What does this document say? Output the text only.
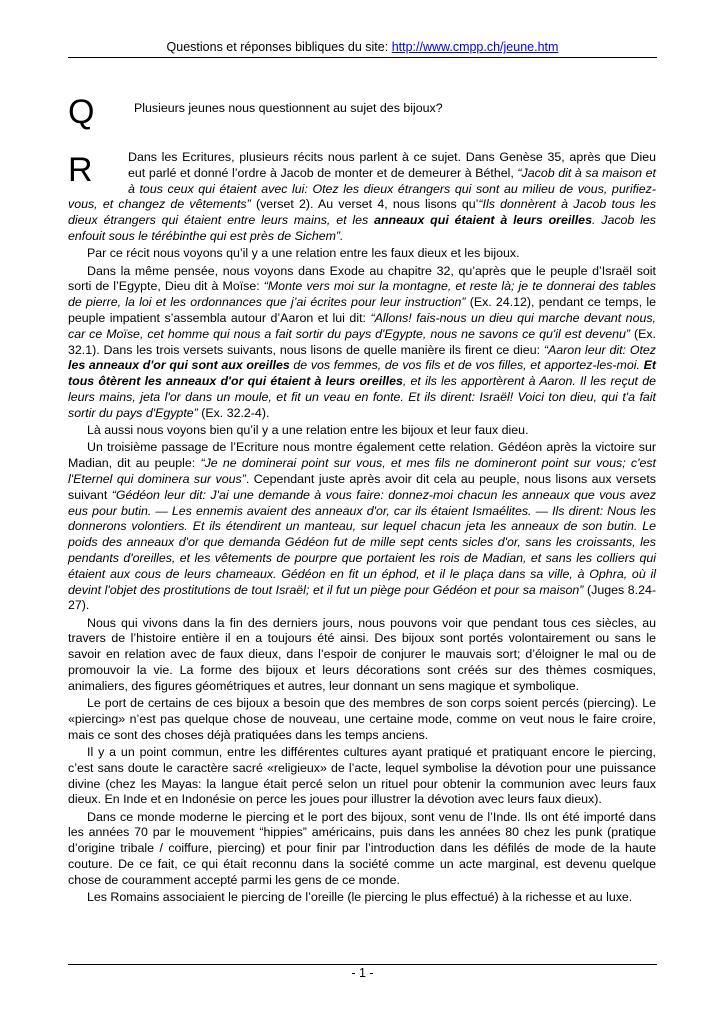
Questions et réponses bibliques du site: http://www.cmpp.ch/jeune.htm
Q	Plusieurs jeunes nous questionnent au sujet des bijoux?
R	Dans les Ecritures, plusieurs récits nous parlent à ce sujet. Dans Genèse 35, après que Dieu eut parlé et donné l’ordre à Jacob de monter et de demeurer à Béthel, “Jacob dit à sa maison et à tous ceux qui étaient avec lui: Otez les dieux étrangers qui sont au milieu de vous, purifiez-vous, et changez de vêtements” (verset 2). Au verset 4, nous lisons qu’“Ils donnèrent à Jacob tous les dieux étrangers qui étaient entre leurs mains, et les anneaux qui étaient à leurs oreilles. Jacob les enfouit sous le térébinthe qui est près de Sichem”.

Par ce récit nous voyons qu’il y a une relation entre les faux dieux et les bijoux.

Dans la même pensée, nous voyons dans Exode au chapitre 32, qu’après que le peuple d’Israël soit sorti de l’Egypte, Dieu dit à Moïse: “Monte vers moi sur la montagne, et reste là; je te donnerai des tables de pierre, la loi et les ordonnances que j’ai écrites pour leur instruction” (Ex. 24.12), pendant ce temps, le peuple impatient s’assembla autour d’Aaron et lui dit: “Allons! fais-nous un dieu qui marche devant nous, car ce Moïse, cet homme qui nous a fait sortir du pays d'Egypte, nous ne savons ce qu'il est devenu” (Ex. 32.1). Dans les trois versets suivants, nous lisons de quelle manière ils firent ce dieu: “Aaron leur dit: Otez les anneaux d'or qui sont aux oreilles de vos femmes, de vos fils et de vos filles, et apportez-les-moi. Et tous ôtèrent les anneaux d'or qui étaient à leurs oreilles, et ils les apportèrent à Aaron. Il les reçut de leurs mains, jeta l'or dans un moule, et fit un veau en fonte. Et ils dirent: Israël! Voici ton dieu, qui t'a fait sortir du pays d'Egypte” (Ex. 32.2-4).

Là aussi nous voyons bien qu’il y a une relation entre les bijoux et leur faux dieu.

Un troisième passage de l’Ecriture nous montre également cette relation. Gédéon après la victoire sur Madian, dit au peuple: “Je ne dominerai point sur vous, et mes fils ne domineront point sur vous; c'est l'Eternel qui dominera sur vous”. Cependant juste après avoir dit cela au peuple, nous lisons aux versets suivant “Gédéon leur dit: J'ai une demande à vous faire: donnez-moi chacun les anneaux que vous avez eus pour butin. — Les ennemis avaient des anneaux d'or, car ils étaient Ismaélites. — Ils dirent: Nous les donnerons volontiers. Et ils étendirent un manteau, sur lequel chacun jeta les anneaux de son butin. Le poids des anneaux d'or que demanda Gédéon fut de mille sept cents sicles d'or, sans les croissants, les pendants d'oreilles, et les vêtements de pourpre que portaient les rois de Madian, et sans les colliers qui étaient aux cous de leurs chameaux. Gédéon en fit un éphod, et il le plaça dans sa ville, à Ophra, où il devint l'objet des prostitutions de tout Israël; et il fut un piège pour Gédéon et pour sa maison” (Juges 8.24-27).

Nous qui vivons dans la fin des derniers jours, nous pouvons voir que pendant tous ces siècles, au travers de l’histoire entière il en a toujours été ainsi. Des bijoux sont portés volontairement ou sans le savoir en relation avec de faux dieux, dans l’espoir de conjurer le mauvais sort; d’éloigner le mal ou de promouvoir la vie. La forme des bijoux et leurs décorations sont créés sur des thèmes cosmiques, animaliers, des figures géométriques et autres, leur donnant un sens magique et symbolique.

Le port de certains de ces bijoux a besoin que des membres de son corps soient percés (piercing). Le «piercing» n’est pas quelque chose de nouveau, une certaine mode, comme on veut nous le faire croire, mais ce sont des choses déjà pratiquées dans les temps anciens.

Il y a un point commun, entre les différentes cultures ayant pratiqué et pratiquant encore le piercing, c’est sans doute le caractère sacré «religieux» de l’acte, lequel symbolise la dévotion pour une puissance divine (chez les Mayas: la langue était percé selon un rituel pour obtenir la communion avec leurs faux dieux. En Inde et en Indonésie on perce les joues pour illustrer la dévotion avec leurs faux dieux).

Dans ce monde moderne le piercing et le port des bijoux, sont venu de l’Inde. Ils ont été importé dans les années 70 par le mouvement “hippies” américains, puis dans les années 80 chez les punk (pratique d’origine tribale / coiffure, piercing) et pour finir par l’introduction dans les défilés de mode de la haute couture. De ce fait, ce qui était reconnu dans la société comme un acte marginal, est devenu quelque chose de couramment accepté parmi les gens de ce monde.

Les Romains associaient le piercing de l’oreille (le piercing le plus effectué) à la richesse et au luxe.

- 1 -
